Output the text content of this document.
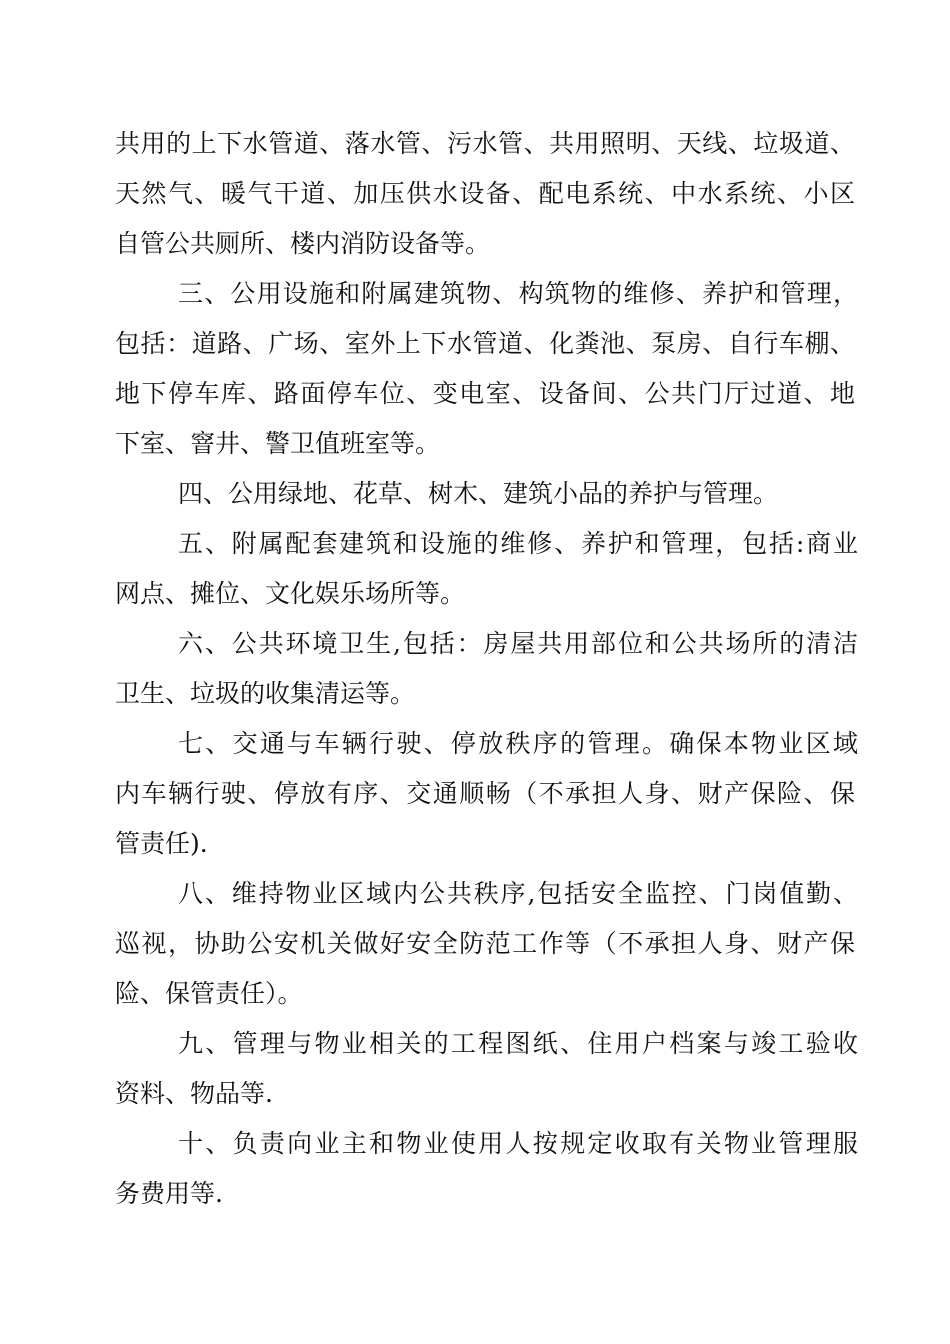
共用的上下水管道、落水管、污水管、共用照明、天线、垃圾道、
天然气、暖气干道、加压供水设备、配电系统、中水系统、小区
自管公共厕所、楼内消防设备等。
三、公用设施和附属建筑物、构筑物的维修、养护和管理，
包括：道路、广场、室外上下水管道、化粪池、泵房、自行车棚、
地下停车库、路面停车位、变电室、设备间、公共门厅过道、地
下室、窨井、警卫值班室等。
四、公用绿地、花草、树木、建筑小品的养护与管理。
五、附属配套建筑和设施的维修、养护和管理，包括:商业
网点、摊位、文化娱乐场所等。
六、公共环境卫生,包括：房屋共用部位和公共场所的清洁
卫生、垃圾的收集清运等。
七、交通与车辆行驶、停放秩序的管理。确保本物业区域
内车辆行驶、停放有序、交通顺畅（不承担人身、财产保险、保
管责任).
八、维持物业区域内公共秩序,包括安全监控、门岗值勤、
巡视，协助公安机关做好安全防范工作等（不承担人身、财产保
险、保管责任）。
九、管理与物业相关的工程图纸、住用户档案与竣工验收
资料、物品等.
十、负责向业主和物业使用人按规定收取有关物业管理服
务费用等.
